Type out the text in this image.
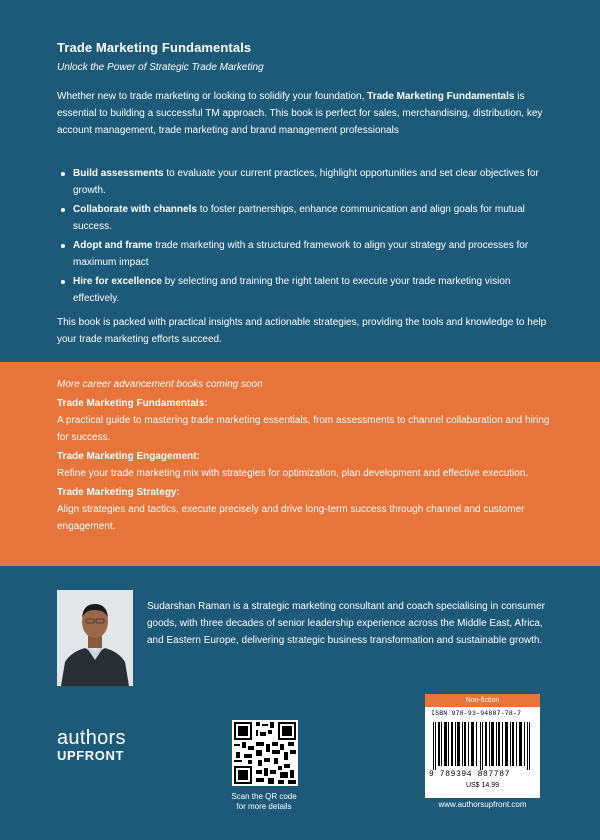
Trade Marketing Fundamentals
Unlock the Power of Strategic Trade Marketing

Whether new to trade marketing or looking to solidify your foundation, Trade Marketing Fundamentals is essential to building a successful TM approach. This book is perfect for sales, merchandising, distribution, key account management, trade marketing and brand management professionals

Build assessments to evaluate your current practices, highlight opportunities and set clear objectives for growth.
Collaborate with channels to foster partnerships, enhance communication and align goals for mutual success.
Adopt and frame trade marketing with a structured framework to align your strategy and processes for maximum impact
Hire for excellence by selecting and training the right talent to execute your trade marketing vision effectively.

This book is packed with practical insights and actionable strategies, providing the tools and knowledge to help your trade marketing efforts succeed.

More career advancement books coming soon
Trade Marketing Fundamentals:
A practical guide to mastering trade marketing essentials, from assessments to channel collabaration and hiring for success.
Trade Marketing Engagement:
Refine your trade marketing mix with strategies for optimization, plan development and effective execution.
Trade Marketing Strategy:
Align strategies and tactics, execute precisely and drive long-term success through channel and customer engagement.

Sudarshan Raman is a strategic marketing consultant and coach specialising in consumer goods, with three decades of senior leadership experience across the Middle East, Africa, and Eastern Europe, delivering strategic business transformation and sustainable growth.

authors
UPFRONT
Scan the QR code
for more details
Non-fiction
ISBN 978-93-94887-78-7
9 789394 887787
US$ 14.99
www.authorsupfront.com
